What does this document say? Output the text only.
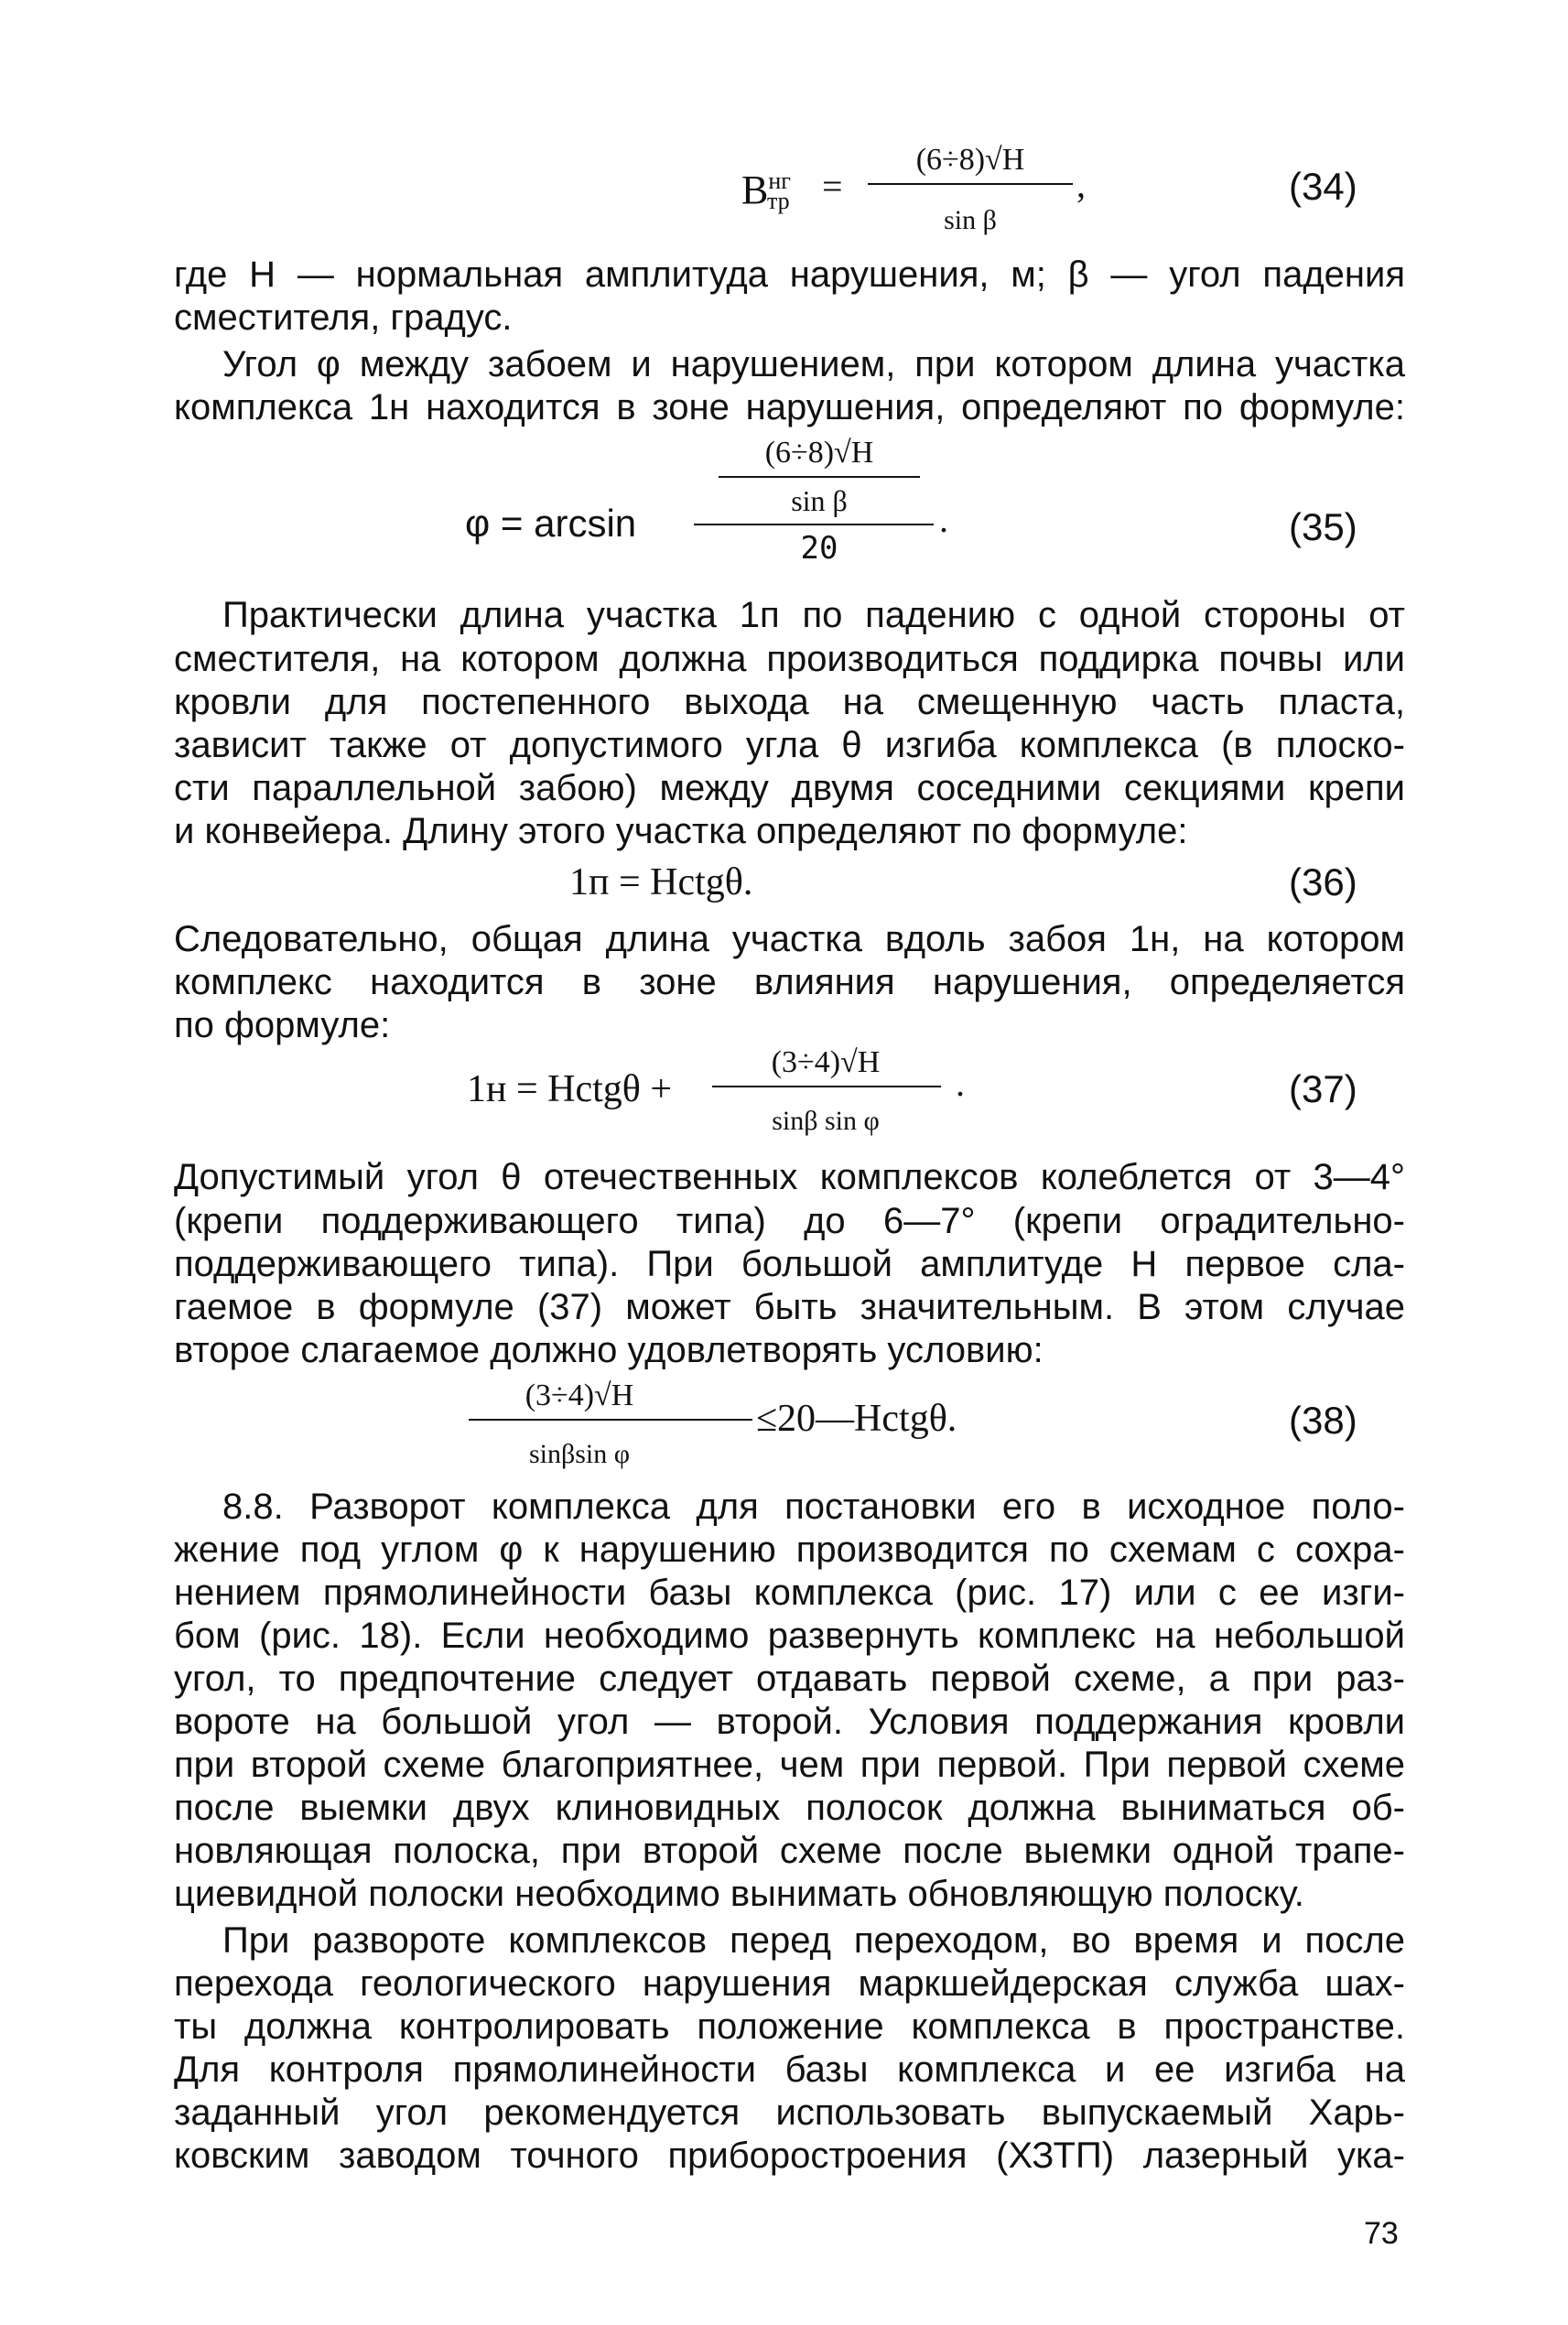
$B^{нг}$
тр =
(6÷8)√H
sin β
,	(34)
где H — нормальная амплитуда нарушения, м; β — угол падения
сместителя, градус.
Угол φ между забоем и нарушением, при котором длина участка
комплекса 1н находится в зоне нарушения, определяют по формуле:
(6÷8)√H
sin β
φ = arcsin
20
.	(35)
Практически длина участка 1п по падению с одной стороны от
сместителя, на котором должна производиться поддирка почвы или
кровли для постепенного выхода на смещенную часть пласта,
зависит также от допустимого угла θ изгиба комплекса (в плоско-
сти параллельной забою) между двумя соседними секциями крепи
и конвейера. Длину этого участка определяют по формуле:
1п = Hctgθ.	(36)
Следовательно, общая длина участка вдоль забоя 1н, на котором
комплекс находится в зоне влияния нарушения, определяется
по формуле:
1н = Hctgθ +
(3÷4)√H
sinβ sin φ
.	(37)
Допустимый угол θ отечественных комплексов колеблется от 3—4°
(крепи поддерживающего типа) до 6—7° (крепи оградительно-
поддерживающего типа). При большой амплитуде H первое сла-
гаемое в формуле (37) может быть значительным. В этом случае
второе слагаемое должно удовлетворять условию:
(3÷4)√H
sinβsin φ
≤20—Hctgθ.	(38)
8.8. Разворот комплекса для постановки его в исходное поло-
жение под углом φ к нарушению производится по схемам с сохра-
нением прямолинейности базы комплекса (рис. 17) или с ее изги-
бом (рис. 18). Если необходимо развернуть комплекс на небольшой
угол, то предпочтение следует отдавать первой схеме, а при раз-
вороте на большой угол — второй. Условия поддержания кровли
при второй схеме благоприятнее, чем при первой. При первой схеме
после выемки двух клиновидных полосок должна выниматься об-
новляющая полоска, при второй схеме после выемки одной трапе-
циевидной полоски необходимо вынимать обновляющую полоску.
При развороте комплексов перед переходом, во время и после
перехода геологического нарушения маркшейдерская служба шах-
ты должна контролировать положение комплекса в пространстве.
Для контроля прямолинейности базы комплекса и ее изгиба на
заданный угол рекомендуется использовать выпускаемый Харь-
ковским заводом точного приборостроения (ХЗТП) лазерный ука-
73
